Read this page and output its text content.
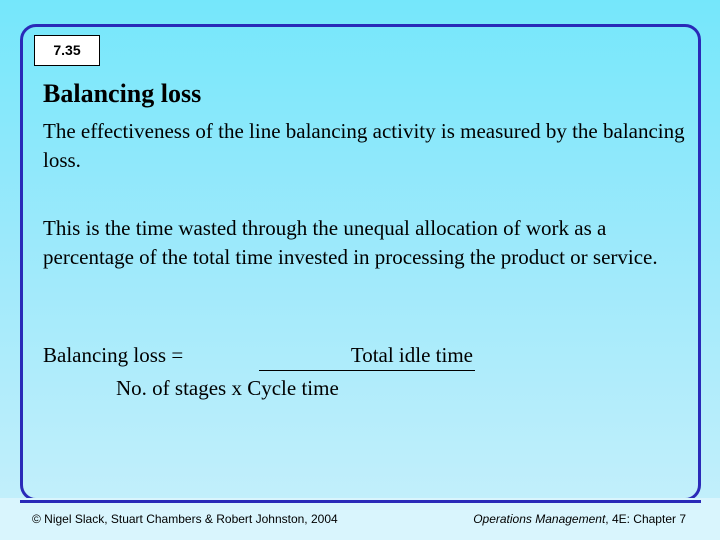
7.35
Balancing loss

The effectiveness of the line balancing activity is measured by the balancing loss.

This is the time wasted through the unequal allocation of work as a percentage of the total time invested in processing the product or service.

Balancing loss =	Total idle time
No. of stages x Cycle time
© Nigel Slack, Stuart Chambers & Robert Johnston, 2004	Operations Management, 4E: Chapter 7
